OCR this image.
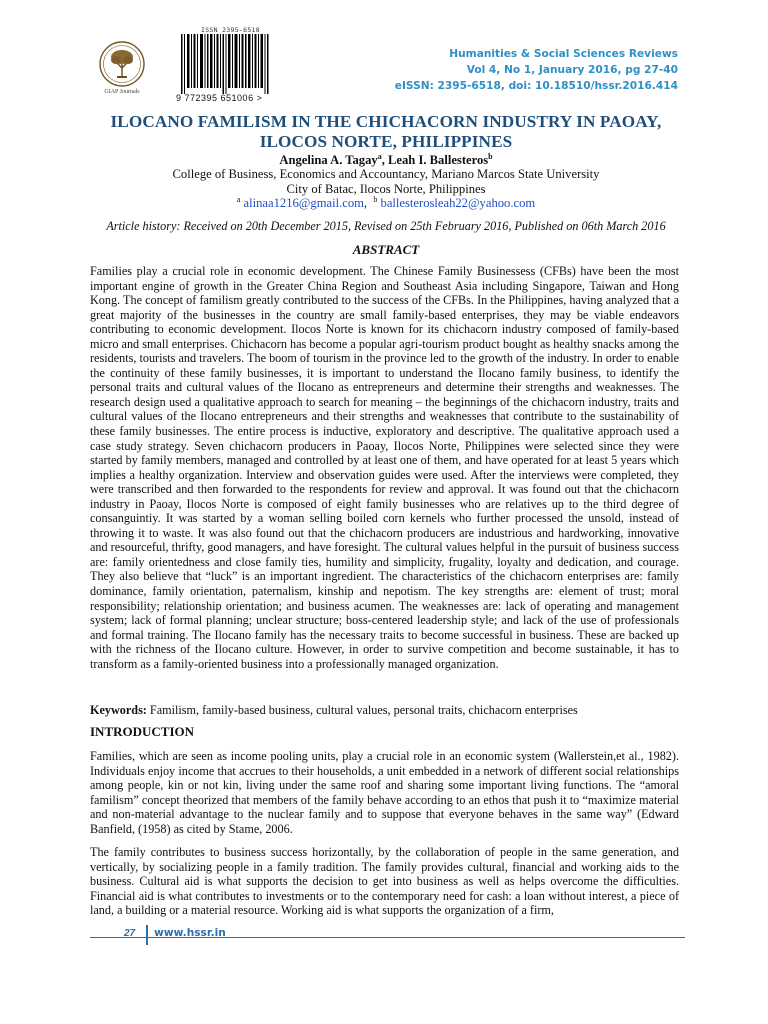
GIAP Journals
ISSN 2395-6518
9 772395 651006 >
Humanities & Social Sciences Reviews
Vol 4, No 1, January 2016, pg 27-40
eISSN: 2395-6518, doi: 10.18510/hssr.2016.414
ILOCANO FAMILISM IN THE CHICHACORN INDUSTRY IN PAOAY, ILOCOS NORTE, PHILIPPINES
Angelina A. Tagay$^a$, Leah I. Ballesteros$^b$
College of Business, Economics and Accountancy, Mariano Marcos State University
City of Batac, Ilocos Norte, Philippines
$^a$ alinaa1216@gmail.com,  $^b$ ballesterosleah22@yahoo.com
Article history: Received on 20th December 2015, Revised on 25th February 2016, Published on 06th March 2016
ABSTRACT
Families play a crucial role in economic development. The Chinese Family Businessess (CFBs) have been the most important engine of growth in the Greater China Region and Southeast Asia including Singapore, Taiwan and Hong Kong. The concept of familism greatly contributed to the success of the CFBs. In the Philippines, having analyzed that a great majority of the businesses in the country are small family-based enterprises, they may be viable endeavors contributing to economic development. Ilocos Norte is known for its chichacorn industry composed of family-based micro and small enterprises. Chichacorn has become a popular agri-tourism product bought as healthy snacks among the residents, tourists and travelers. The boom of tourism in the province led to the growth of the industry. In order to enable the continuity of these family businesses, it is important to understand the Ilocano family business, to identify the personal traits and cultural values of the Ilocano as entrepreneurs and determine their strengths and weaknesses. The research design used a qualitative approach to search for meaning – the beginnings of the chichacorn industry, traits and cultural values of the Ilocano entrepreneurs and their strengths and weaknesses that contribute to the sustainability of these family businesses. The entire process is inductive, exploratory and descriptive. The qualitative approach used a case study strategy. Seven chichacorn producers in Paoay, Ilocos Norte, Philippines were selected since they were started by family members, managed and controlled by at least one of them, and have operated for at least 5 years which implies a healthy organization. Interview and observation guides were used. After the interviews were completed, they were transcribed and then forwarded to the respondents for review and approval. It was found out that the chichacorn industry in Paoay, Ilocos Norte is composed of eight family businesses who are relatives up to the third degree of consanguintiy. It was started by a woman selling boiled corn kernels who further processed the unsold, instead of throwing it to waste. It was also found out that the chichacorn producers are industrious and hardworking, innovative and resourceful, thrifty, good managers, and have foresight. The cultural values helpful in the pursuit of business success are: family orientedness and close family ties, humility and simplicity, frugality, loyalty and dedication, and courage. They also believe that “luck” is an important ingredient. The characteristics of the chichacorn enterprises are: family dominance, family orientation, paternalism, kinship and nepotism. The key strengths are: element of trust; moral responsibility; relationship orientation; and business acumen. The weaknesses are: lack of operating and management system; lack of formal planning; unclear structure; boss-centered leadership style; and lack of the use of professionals and formal training. The Ilocano family has the necessary traits to become successful in business. These are backed up with the richness of the Ilocano culture. However, in order to survive competition and become sustainable, it has to transform as a family-oriented business into a professionally managed organization.
Keywords: Familism, family-based business, cultural values, personal traits, chichacorn enterprises
INTRODUCTION
Families, which are seen as income pooling units, play a crucial role in an economic system (Wallerstein,et al., 1982). Individuals enjoy income that accrues to their households, a unit embedded in a network of different social relationships among people, kin or not kin, living under the same roof and sharing some important living functions. The “amoral familism” concept theorized that members of the family behave according to an ethos that push it to “maximize material and non-material advantage to the nuclear family and to suppose that everyone behaves in the same way” (Edward Banfield, (1958) as cited by Stame, 2006.
The family contributes to business success horizontally, by the collaboration of people in the same generation, and vertically, by socializing people in a family tradition. The family provides cultural, financial and working aids to the business. Cultural aid is what supports the decision to get into business as well as helps overcome the difficulties. Financial aid is what contributes to investments or to the contemporary need for cash: a loan without interest, a piece of land, a building or a material resource. Working aid is what supports the organization of a firm,
27 www.hssr.in
